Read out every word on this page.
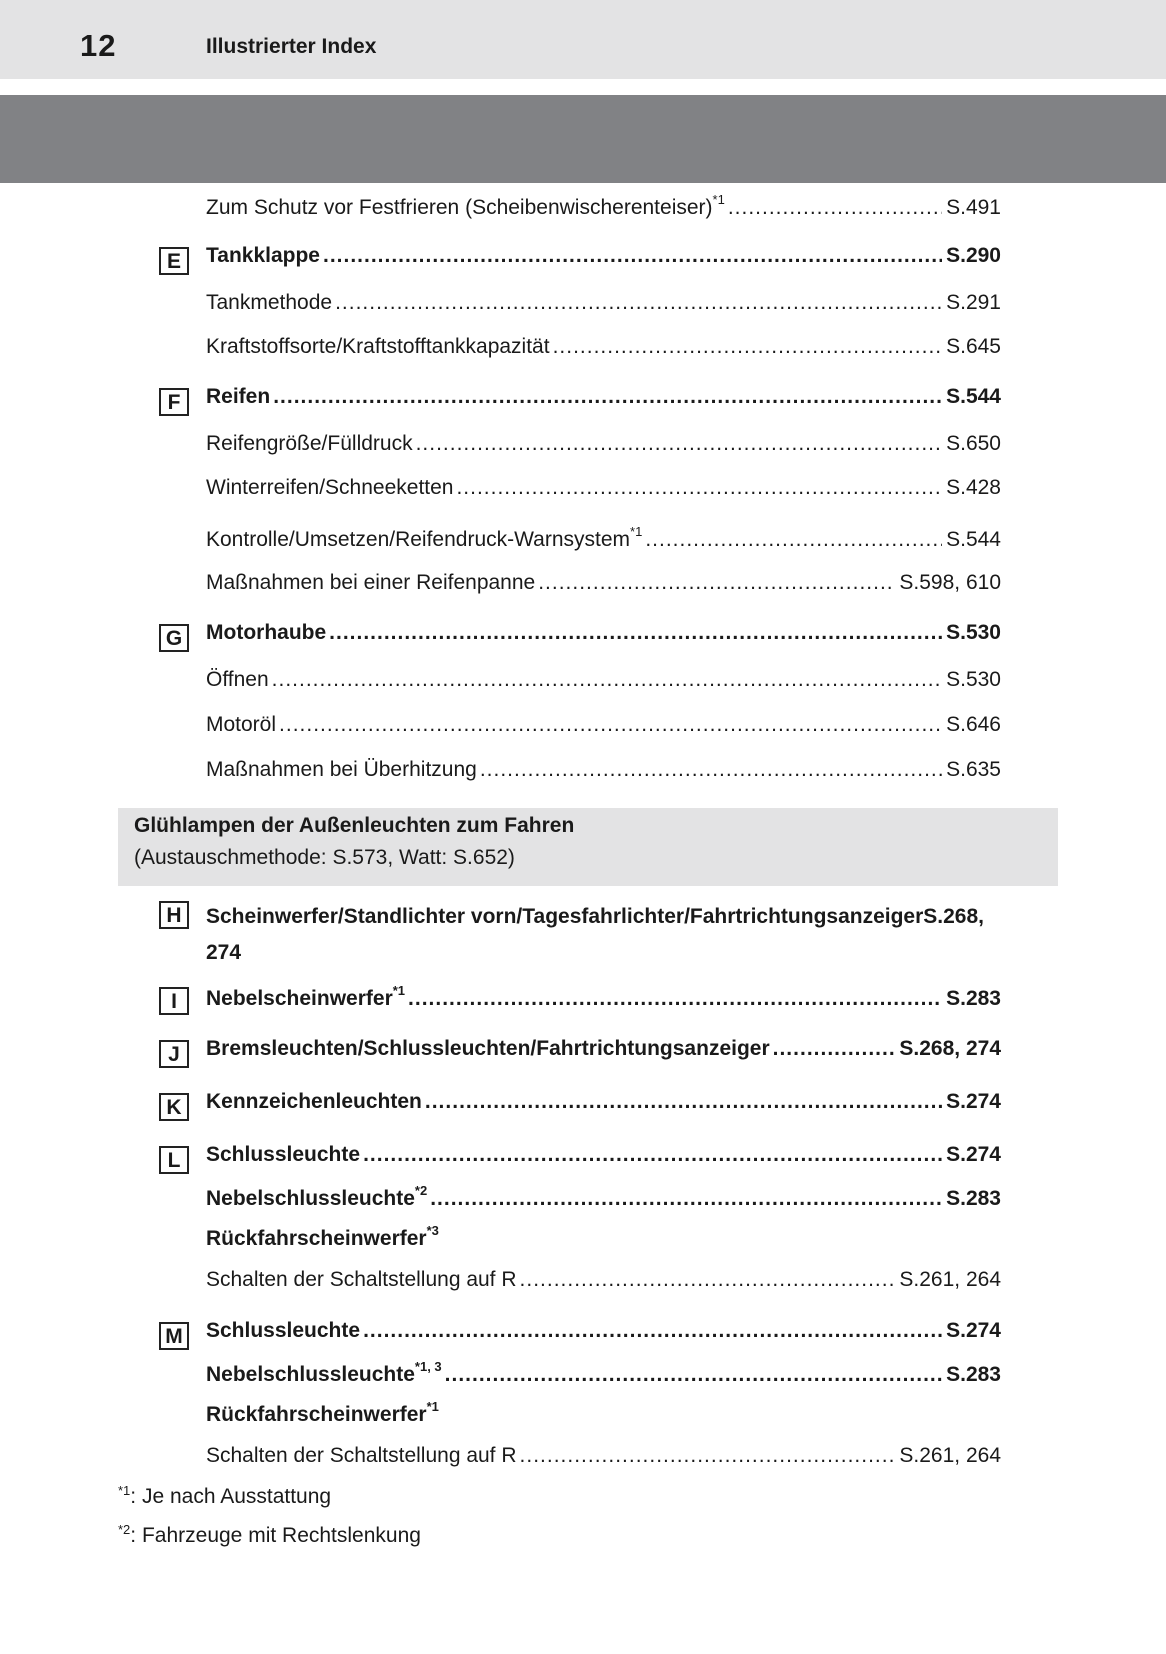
12	Illustrierter Index
Zum Schutz vor Festfrieren (Scheibenwischerenteiser)$^{*1}$ .....	S.491
E	Tankklappe .....	S.290
Tankmethode .....	S.291
Kraftstoffsorte/Kraftstofftankkapazität .....	S.645
F	Reifen .....	S.544
Reifengröße/Fülldruck .....	S.650
Winterreifen/Schneeketten .....	S.428
Kontrolle/Umsetzen/Reifendruck-Warnsystem$^{*1}$ .....	S.544
Maßnahmen bei einer Reifenpanne .....	S.598, 610
G	Motorhaube .....	S.530
Öffnen .....	S.530
Motoröl .....	S.646
Maßnahmen bei Überhitzung .....	S.635
Glühlampen der Außenleuchten zum Fahren
(Austauschmethode: S.573, Watt: S.652)
H	Scheinwerfer/Standlichter vorn/Tagesfahrlichter/FahrtrichtungsanzeigerS.268,
274
I	Nebelscheinwerfer$^{*1}$ .....	S.283
J	Bremsleuchten/Schlussleuchten/Fahrtrichtungsanzeiger .....	S.268, 274
K	Kennzeichenleuchten .....	S.274
L	Schlussleuchte .....	S.274
Nebelschlussleuchte$^{*2}$ .....	S.283
Rückfahrscheinwerfer$^{*3}$
Schalten der Schaltstellung auf R .....	S.261, 264
M Schlussleuchte .....	S.274
Nebelschlussleuchte$^{*1, 3}$ .....	S.283
Rückfahrscheinwerfer$^{*1}$
Schalten der Schaltstellung auf R .....	S.261, 264
$^{*1}$: Je nach Ausstattung
$^{*2}$: Fahrzeuge mit Rechtslenkung
